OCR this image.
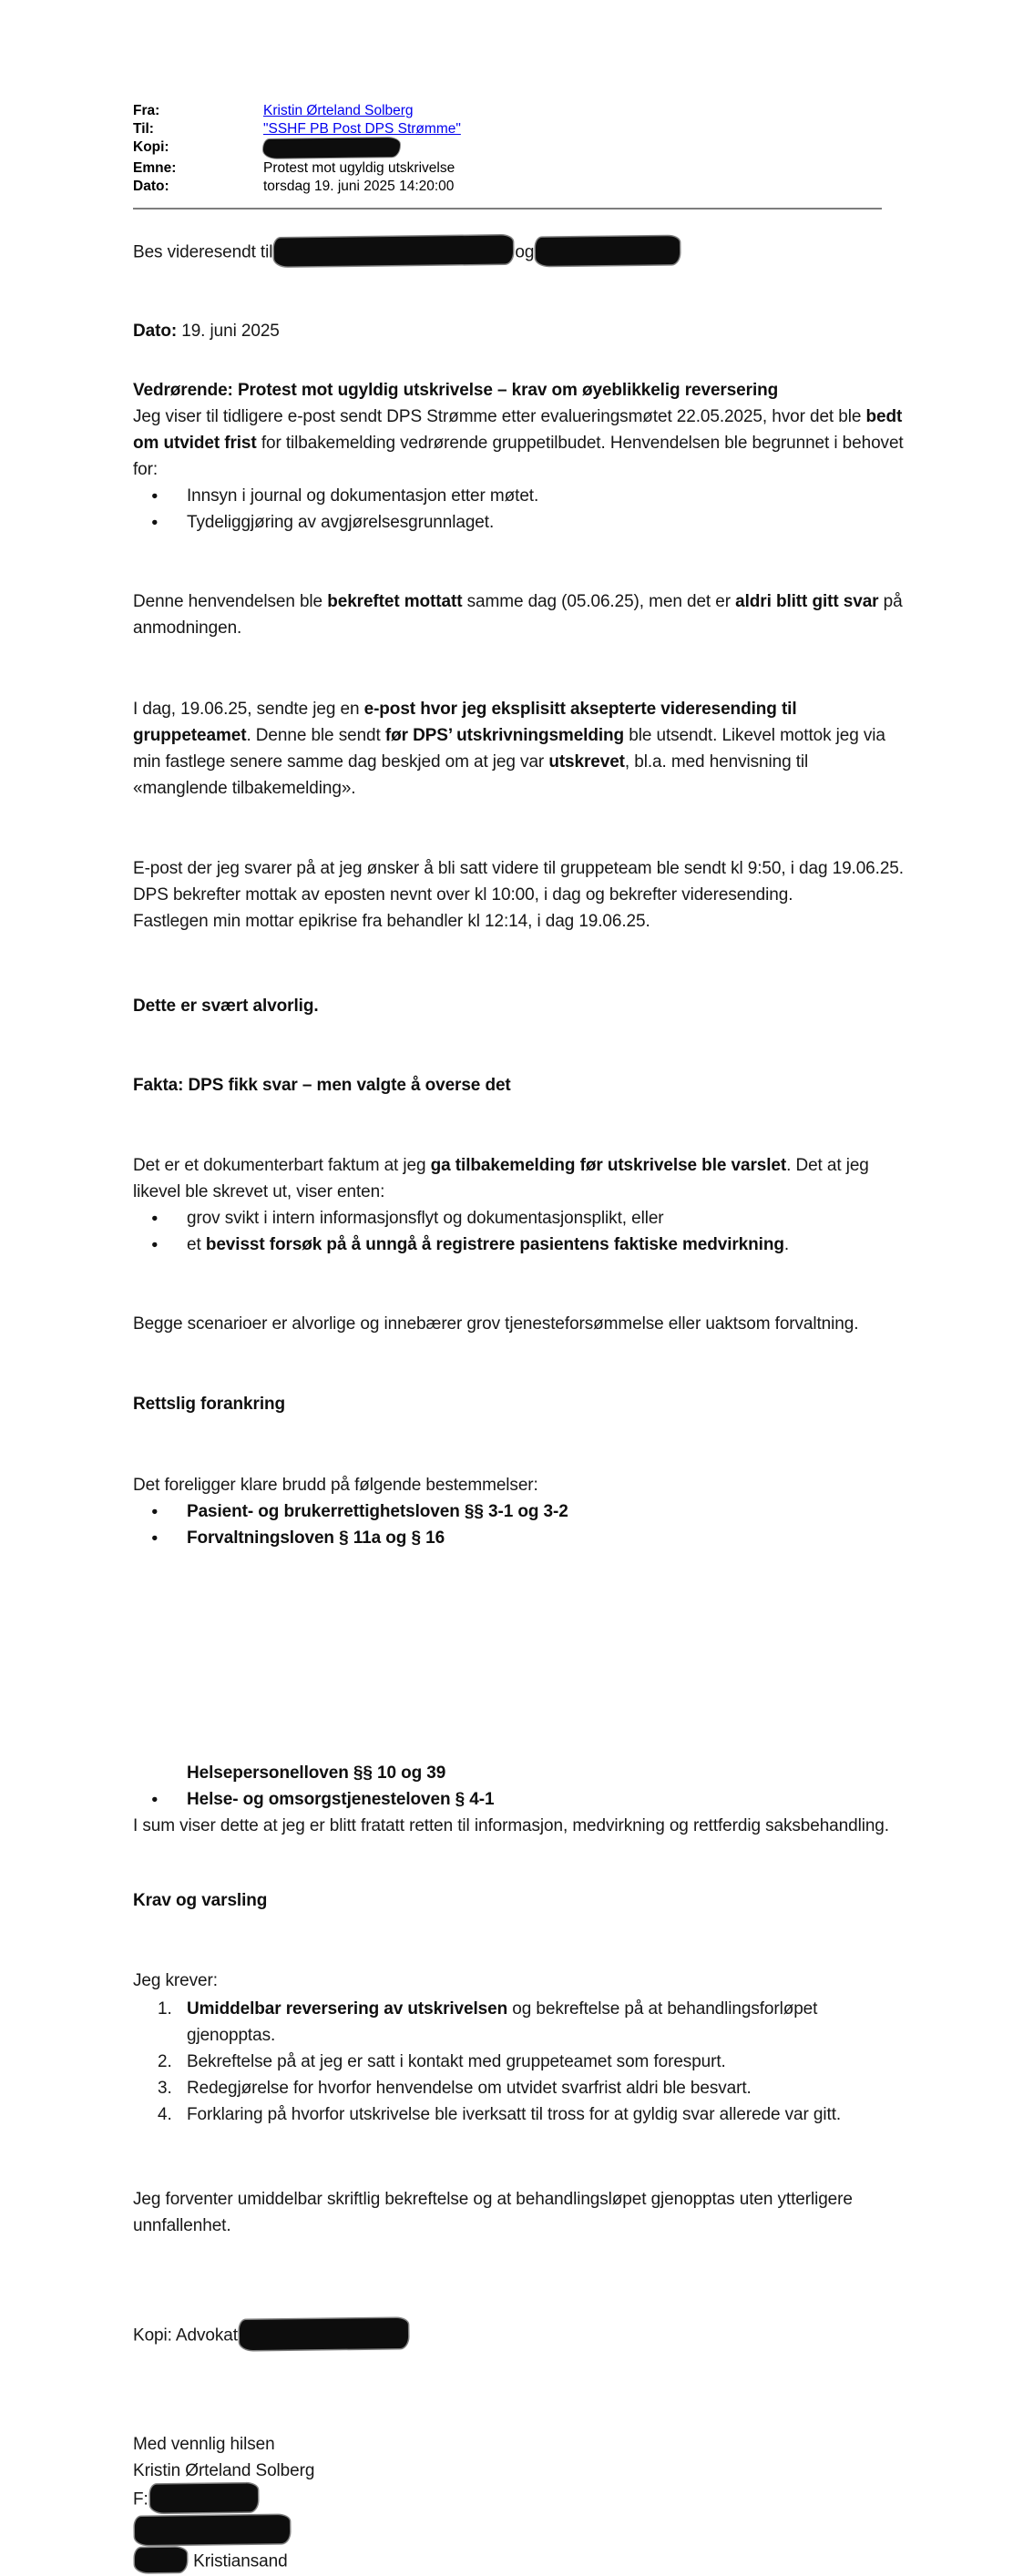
Fra:	Kristin Ørteland Solberg
Til:	"SSHF PB Post DPS Strømme"
Kopi:
Emne:	Protest mot ugyldig utskrivelse
Dato:	torsdag 19. juni 2025 14:20:00
Bes videresendt til	og
Dato: 19. juni 2025
Vedrørende: Protest mot ugyldig utskrivelse – krav om øyeblikkelig reversering
Jeg viser til tidligere e-post sendt DPS Strømme etter evalueringsmøtet 22.05.2025, hvor det ble bedt om utvidet frist for tilbakemelding vedrørende gruppetilbudet. Henvendelsen ble begrunnet i behovet for:
●	Innsyn i journal og dokumentasjon etter møtet.
●	Tydeliggjøring av avgjørelsesgrunnlaget.
Denne henvendelsen ble bekreftet mottatt samme dag (05.06.25), men det er aldri blitt gitt svar på anmodningen.
I dag, 19.06.25, sendte jeg en e-post hvor jeg eksplisitt aksepterte videresending til gruppeteamet. Denne ble sendt før DPS’ utskrivningsmelding ble utsendt. Likevel mottok jeg via min fastlege senere samme dag beskjed om at jeg var utskrevet, bl.a. med henvisning til «manglende tilbakemelding».
E-post der jeg svarer på at jeg ønsker å bli satt videre til gruppeteam ble sendt kl 9:50, i dag 19.06.25.
DPS bekrefter mottak av eposten nevnt over kl 10:00, i dag og bekrefter videresending.
Fastlegen min mottar epikrise fra behandler kl 12:14, i dag 19.06.25.
Dette er svært alvorlig.
Fakta: DPS fikk svar – men valgte å overse det
Det er et dokumenterbart faktum at jeg ga tilbakemelding før utskrivelse ble varslet. Det at jeg likevel ble skrevet ut, viser enten:
●	grov svikt i intern informasjonsflyt og dokumentasjonsplikt, eller
●	et bevisst forsøk på å unngå å registrere pasientens faktiske medvirkning.
Begge scenarioer er alvorlige og innebærer grov tjenesteforsømmelse eller uaktsom forvaltning.
Rettslig forankring
Det foreligger klare brudd på følgende bestemmelser:
●	Pasient- og brukerrettighetsloven §§ 3-1 og 3-2
●	Forvaltningsloven § 11a og § 16
Helsepersonelloven §§ 10 og 39
●	Helse- og omsorgstjenesteloven § 4-1
I sum viser dette at jeg er blitt fratatt retten til informasjon, medvirkning og rettferdig saksbehandling.
Krav og varsling
Jeg krever:
1. Umiddelbar reversering av utskrivelsen og bekreftelse på at behandlingsforløpet gjenopptas.
2. Bekreftelse på at jeg er satt i kontakt med gruppeteamet som forespurt.
3. Redegjørelse for hvorfor henvendelse om utvidet svarfrist aldri ble besvart.
4. Forklaring på hvorfor utskrivelse ble iverksatt til tross for at gyldig svar allerede var gitt.
Jeg forventer umiddelbar skriftlig bekreftelse og at behandlingsløpet gjenopptas uten ytterligere unnfallenhet.
Kopi: Advokat
Med vennlig hilsen
Kristin Ørteland Solberg
F:

Kristiansand
